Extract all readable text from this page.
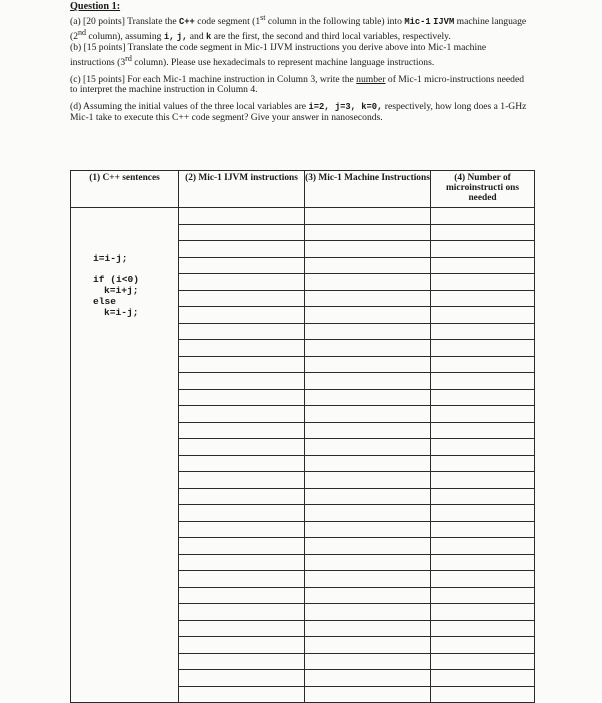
Question 1:

(a) [20 points] Translate the C++ code segment (1st column in the following table) into Mic-1 IJVM machine language (2nd column), assuming i, j, and k are the first, the second and third local variables, respectively.

(b) [15 points] Translate the code segment in Mic-1 IJVM instructions you derive above into Mic-1 machine instructions (3rd column). Please use hexadecimals to represent machine language instructions.

(c) [15 points] For each Mic-1 machine instruction in Column 3, write the number of Mic-1 micro-instructions needed to interpret the machine instruction in Column 4.

(d) Assuming the initial values of the three local variables are i=2, j=3, k=0, respectively, how long does a 1-GHz Mic-1 take to execute this C++ code segment? Give your answer in nanoseconds.

(1) C++ sentences	(2) Mic-1 IJVM instructions	(3) Mic-1 Machine Instructions	(4) Number of microinstructi ons needed

i=i-j;
if (i<0)
k=i+j;
else
k=i-j;			
